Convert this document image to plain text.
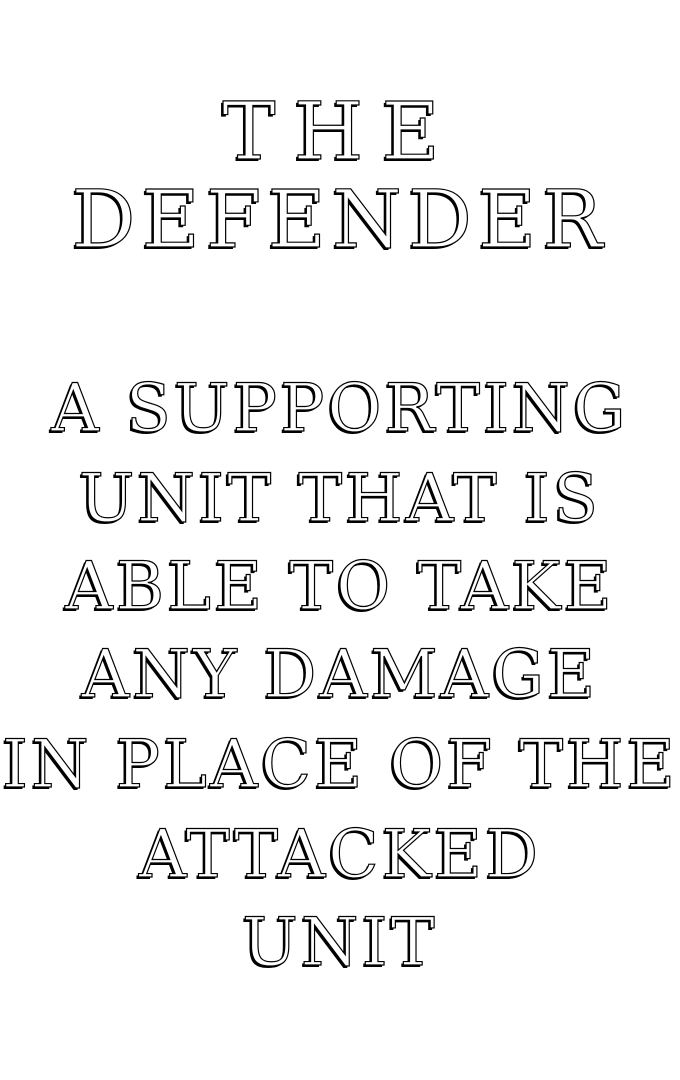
THE
DEFENDER

A SUPPORTING

UNIT THAT IS

ABLE TO TAKE

ANY DAMAGE

IN PLACE OF THE

ATTACKED

UNIT
